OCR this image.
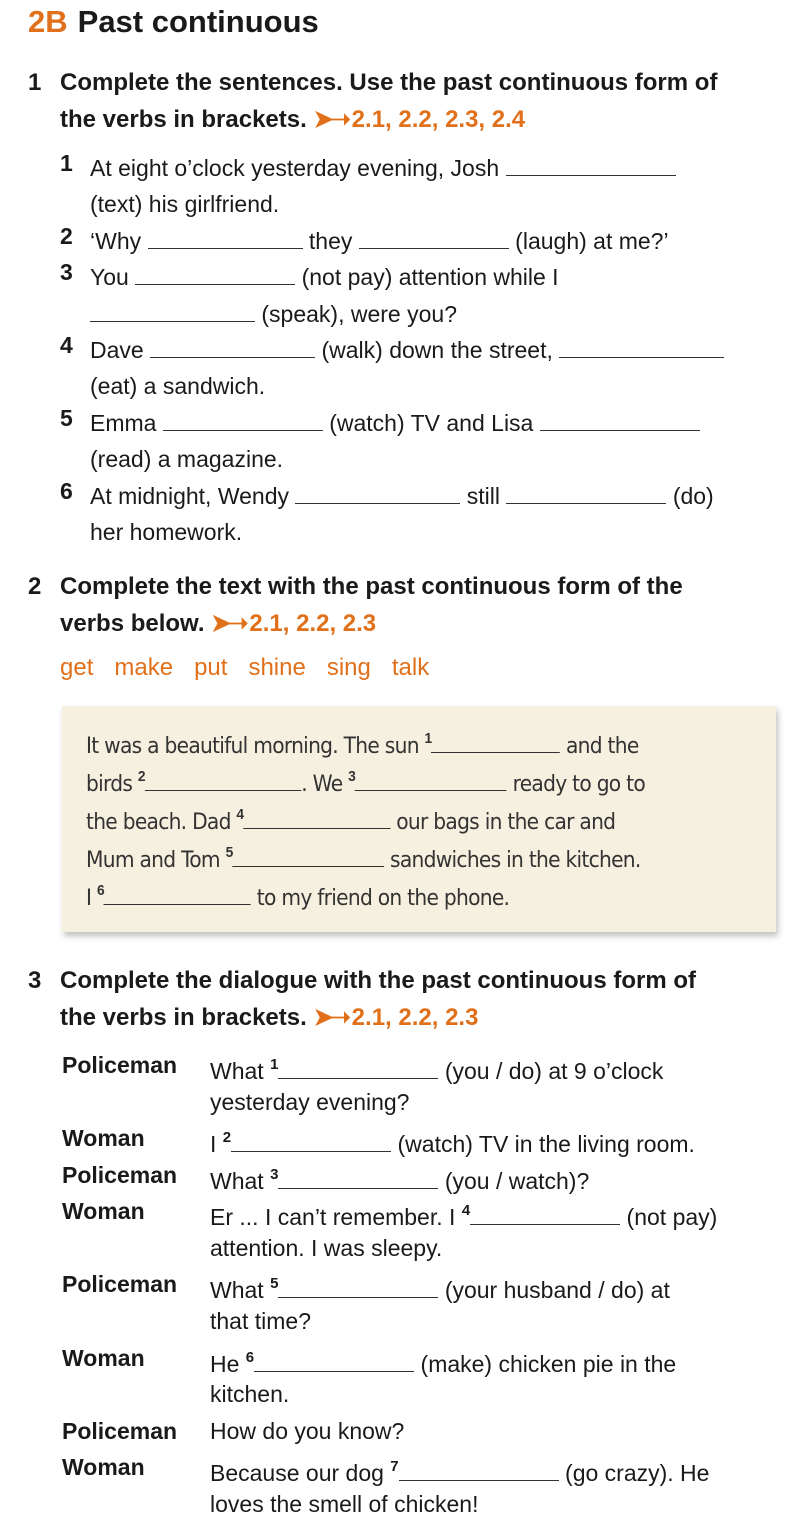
2B Past continuous
1 Complete the sentences. Use the past continuous form of
the verbs in brackets. ➤➝ 2.1, 2.2, 2.3, 2.4
1 At eight o’clock yesterday evening, Josh
(text) his girlfriend.
2 ‘Why	they	(laugh) at me?’
3 You	(not pay) attention while I
(speak), were you?
4 Dave	(walk) down the street,
(eat) a sandwich.
5 Emma	(watch) TV and Lisa
(read) a magazine.
6 At midnight, Wendy	still	(do)
her homework.
2 Complete the text with the past continuous form of the
verbs below. ➤➝ 2.1, 2.2, 2.3
get make put shine sing talk
It was a beautiful morning. The sun $^1$	and the
birds $^2$	. We $^3$	ready to go to
the beach. Dad $^4$	our bags in the car and
Mum and Tom $^5$	sandwiches in the kitchen.
I $^6$	to my friend on the phone.
3 Complete the dialogue with the past continuous form of
the verbs in brackets. ➤➝ 2.1, 2.2, 2.3
Policeman What $^1$	(you / do) at 9 o’clock
yesterday evening?
Woman	I $^2$	(watch) TV in the living room.
Policeman What $^3$	(you / watch)?
Woman	Er ... I can’t remember. I $^4$	(not pay)
attention. I was sleepy.
Policeman What $^5$	(your husband / do) at
that time?
Woman	He $^6$	(make) chicken pie in the
kitchen.
Policeman How do you know?
Woman	Because our dog $^7$	(go crazy). He
loves the smell of chicken!
